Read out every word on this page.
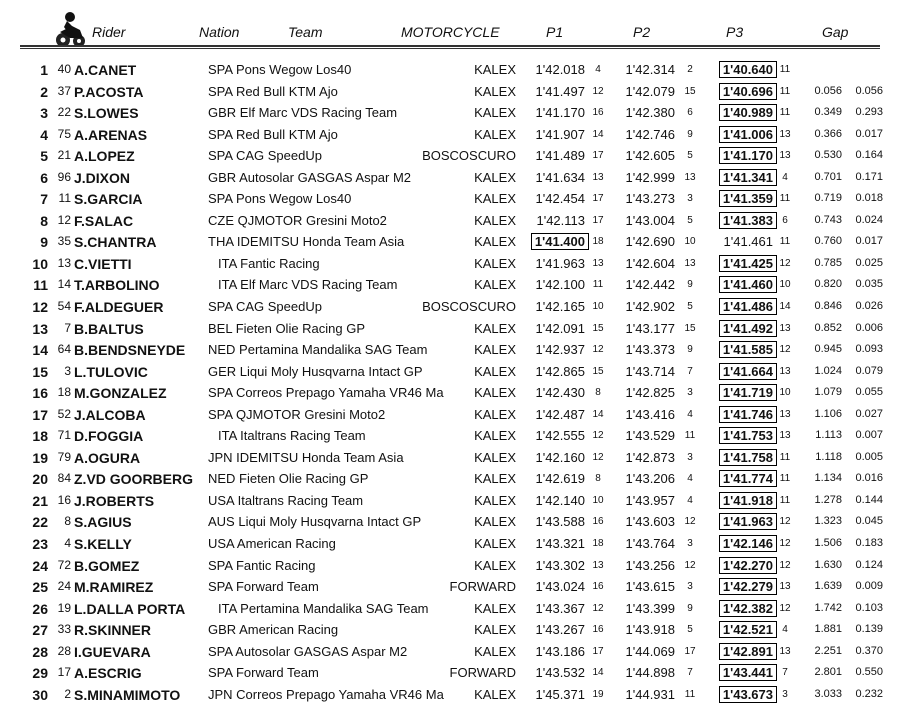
Rider	Nation	Team	MOTORCYCLE	P1	P2	P3	Gap
1 40 A.CANET	SPA Pons Wegow Los40	KALEX	1'42.018	4	1'42.314	2	1'40.640 11
2 37 P.ACOSTA	SPA Red Bull KTM Ajo	KALEX	1'41.497 12	1'42.079 15	1'40.696 11	0.056	0.056
3 22 S.LOWES	GBR Elf Marc VDS Racing Team	KALEX	1'41.170 16	1'42.380	6	1'40.989 11	0.349	0.293
4 75 A.ARENAS	SPA Red Bull KTM Ajo	KALEX	1'41.907 14	1'42.746	9	1'41.006 13	0.366	0.017
5 21 A.LOPEZ	SPA CAG SpeedUp	BOSCOSCURO	1'41.489 17	1'42.605	5	1'41.170 13	0.530	0.164
6 96 J.DIXON	GBR Autosolar GASGAS Aspar M2	KALEX	1'41.634 13	1'42.999 13	1'41.341 4	0.701	0.171
7 11 S.GARCIA	SPA Pons Wegow Los40	KALEX	1'42.454 17	1'43.273	3	1'41.359 11	0.719	0.018
8 12 F.SALAC	CZE QJMOTOR Gresini Moto2	KALEX	1'42.113 17	1'43.004	5	1'41.383 6	0.743	0.024
9 35 S.CHANTRA	THA IDEMITSU Honda Team Asia	KALEX	1'41.400 18	1'42.690 10	1'41.461 11	0.760	0.017
10 13 C.VIETTI	ITA Fantic Racing	KALEX	1'41.963 13	1'42.604 13	1'41.425 12	0.785	0.025
11 14 T.ARBOLINO	ITA Elf Marc VDS Racing Team	KALEX	1'42.100 11	1'42.442	9	1'41.460 10	0.820	0.035
12 54 F.ALDEGUER	SPA CAG SpeedUp	BOSCOSCURO	1'42.165 10	1'42.902	5	1'41.486 14	0.846	0.026
13	7 B.BALTUS	BEL Fieten Olie Racing GP	KALEX	1'42.091 15	1'43.177 15	1'41.492 13	0.852	0.006
14 64 B.BENDSNEYDE NED Pertamina Mandalika SAG Team	KALEX	1'42.937 12	1'43.373	9	1'41.585 12	0.945	0.093
15	3 L.TULOVIC	GER Liqui Moly Husqvarna Intact GP	KALEX	1'42.865 15	1'43.714	7	1'41.664 13	1.024	0.079
16 18 M.GONZALEZ	SPA Correos Prepago Yamaha VR46 Ma	KALEX	1'42.430	8	1'42.825	3	1'41.719 10	1.079	0.055
17 52 J.ALCOBA	SPA QJMOTOR Gresini Moto2	KALEX	1'42.487 14	1'43.416	4	1'41.746 13	1.106	0.027
18 71 D.FOGGIA	ITA Italtrans Racing Team	KALEX	1'42.555 12	1'43.529 11	1'41.753 13	1.113	0.007
19 79 A.OGURA	JPN IDEMITSU Honda Team Asia	KALEX	1'42.160 12	1'42.873	3	1'41.758 11	1.118	0.005
20 84 Z.VD GOORBERG NED Fieten Olie Racing GP	KALEX	1'42.619	8	1'43.206	4	1'41.774 11	1.134	0.016
21 16 J.ROBERTS	USA Italtrans Racing Team	KALEX	1'42.140 10	1'43.957	4	1'41.918 11	1.278	0.144
22	8 S.AGIUS	AUS Liqui Moly Husqvarna Intact GP	KALEX	1'43.588 16	1'43.603 12	1'41.963 12	1.323	0.045
23	4 S.KELLY	USA American Racing	KALEX	1'43.321 18	1'43.764	3	1'42.146 12	1.506	0.183
24 72 B.GOMEZ	SPA Fantic Racing	KALEX	1'43.302 13	1'43.256 12	1'42.270 12	1.630	0.124
25 24 M.RAMIREZ	SPA Forward Team	FORWARD	1'43.024 16	1'43.615	3	1'42.279 13	1.639	0.009
26 19 L.DALLA PORTA	ITA Pertamina Mandalika SAG Team	KALEX	1'43.367 12	1'43.399	9	1'42.382 12	1.742	0.103
27 33 R.SKINNER	GBR American Racing	KALEX	1'43.267 16	1'43.918	5	1'42.521 4	1.881	0.139
28 28 I.GUEVARA	SPA Autosolar GASGAS Aspar M2	KALEX	1'43.186 17	1'44.069 17	1'42.891 13	2.251	0.370
29 17 A.ESCRIG	SPA Forward Team	FORWARD	1'43.532 14	1'44.898	7	1'43.441 7	2.801	0.550
30	2 S.MINAMIMOTO JPN Correos Prepago Yamaha VR46 Ma	KALEX	1'45.371 19	1'44.931 11	1'43.673 3	3.033	0.232
